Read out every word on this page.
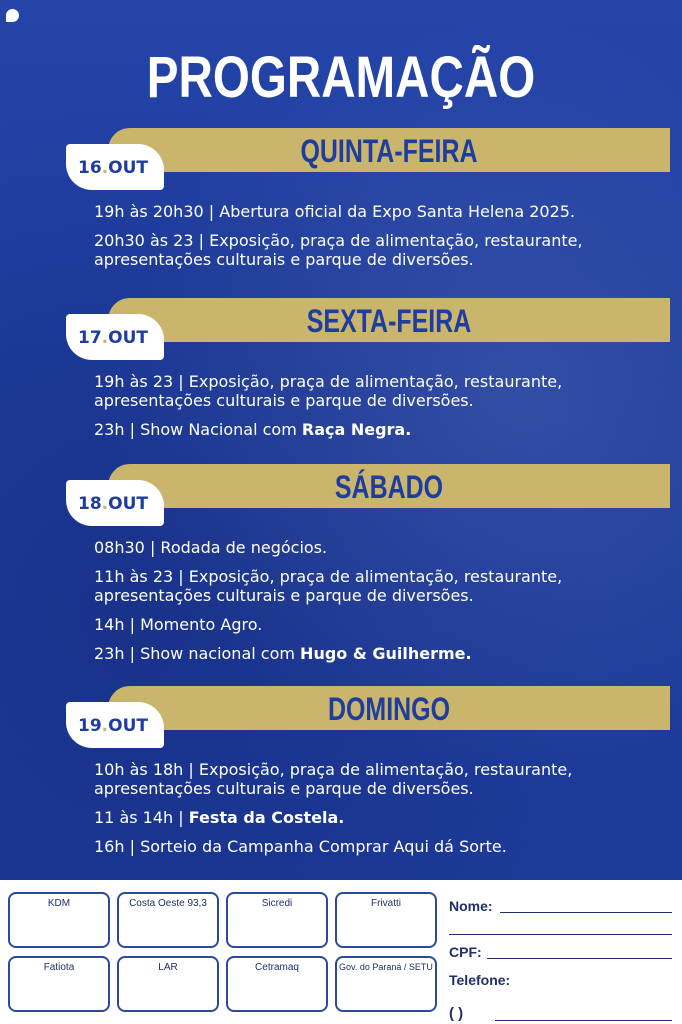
PROGRAMAÇÃO
QUINTA-FEIRA
16.OUT

19h às 20h30 | Abertura oficial da Expo Santa Helena 2025.

20h30 às 23 | Exposição, praça de alimentação, restaurante, apresentações culturais e parque de diversões.

SEXTA-FEIRA
17.OUT

19h às 23 | Exposição, praça de alimentação, restaurante, apresentações culturais e parque de diversões.

23h | Show Nacional com Raça Negra.

SÁBADO
18.OUT

08h30 | Rodada de negócios.

11h às 23 | Exposição, praça de alimentação, restaurante, apresentações culturais e parque de diversões.

14h | Momento Agro.

23h | Show nacional com Hugo & Guilherme.

DOMINGO
19.OUT

10h às 18h | Exposição, praça de alimentação, restaurante, apresentações culturais e parque de diversões.

11 às 14h | Festa da Costela.

16h | Sorteio da Campanha Comprar Aqui dá Sorte.

KDM	Costa Oeste 93,3	Sicredi	Frivatti
Fatiota	LAR	Cetramaq	Gov. do Paraná / SETU
Nome:
CPF:
Telefone:
( )
